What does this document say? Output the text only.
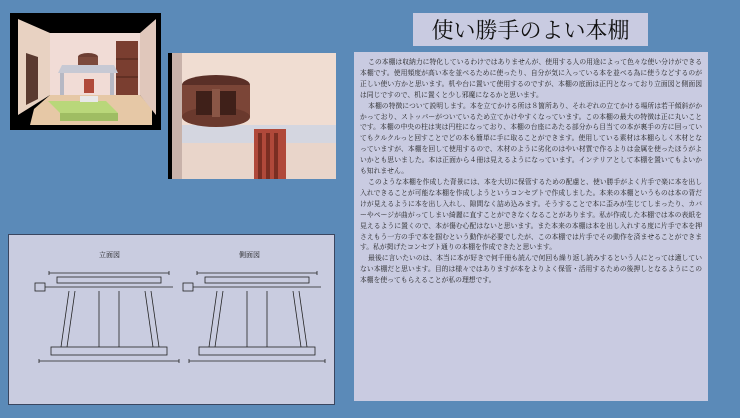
立面図	側面図
使い勝手のよい本棚

この本棚は収納力に特化しているわけではありませんが、使用する人の用途によって色々な使い分けができる本棚です。使用頻度が高い本を並べるために使ったり、自分が気に入っている本を並べる為に使うなどするのが正しい使い方かと思います。机や台に置いて使用するのですが、本棚の底面は正円となっており立面図と側面図は同じですので、机に置くと少し邪魔になるかと思います。

本棚の特徴について説明します。本を立てかける所は８箇所あり、それぞれの立てかける場所は若干傾斜がかかっており、ストッパーがついているため立てかけやすくなっています。この本棚の最大の特徴は正に丸いことです。本棚の中央の柱は実は円柱になっており、本棚の台座にあたる部分から目当ての本が裏手の方に回っていてもクルクルっと回すことでどの本も簡単に手に取ることができます。使用している素材は本棚らしく木材となっていますが、本棚を回して使用するので、木材のように劣化のはやい材質で作るよりは金属を使ったほうがよいかとも思いました。本は正面から４冊は見えるようになっています。インテリアとして本棚を置いてもよいかも知れません。

このような本棚を作成した背景には、本を大切に保管するための配慮と、使い勝手がよく片手で楽に本を出し入れできることが可能な本棚を作成しようというコンセプトで作成しました。本来の本棚というものは本の背だけが見えるように本を出し入れし、隙間なく詰め込みます。そうすることで本に歪みが生じてしまったり、カバーやページが曲がってしまい綺麗に直すことができなくなることがあります。私が作成した本棚では本の表紙を見えるように置くので、本が傷む心配はないと思います。また本来の本棚は本を出し入れする度に片手で本を押さえもう一方の手で本を掴むという動作が必要でしたが、この本棚では片手でその動作を済ませることができます。私が掲げたコンセプト通りの本棚を作成できたと思います。

最後に言いたいのは、本当に本が好きで何千冊も読んで何回も繰り返し読みするという人にとっては適していない本棚だと思います。目的は様々ではありますが本をよりよく保管・活用するための後押しとなるようにこの本棚を使ってもらえることが私の理想です。
